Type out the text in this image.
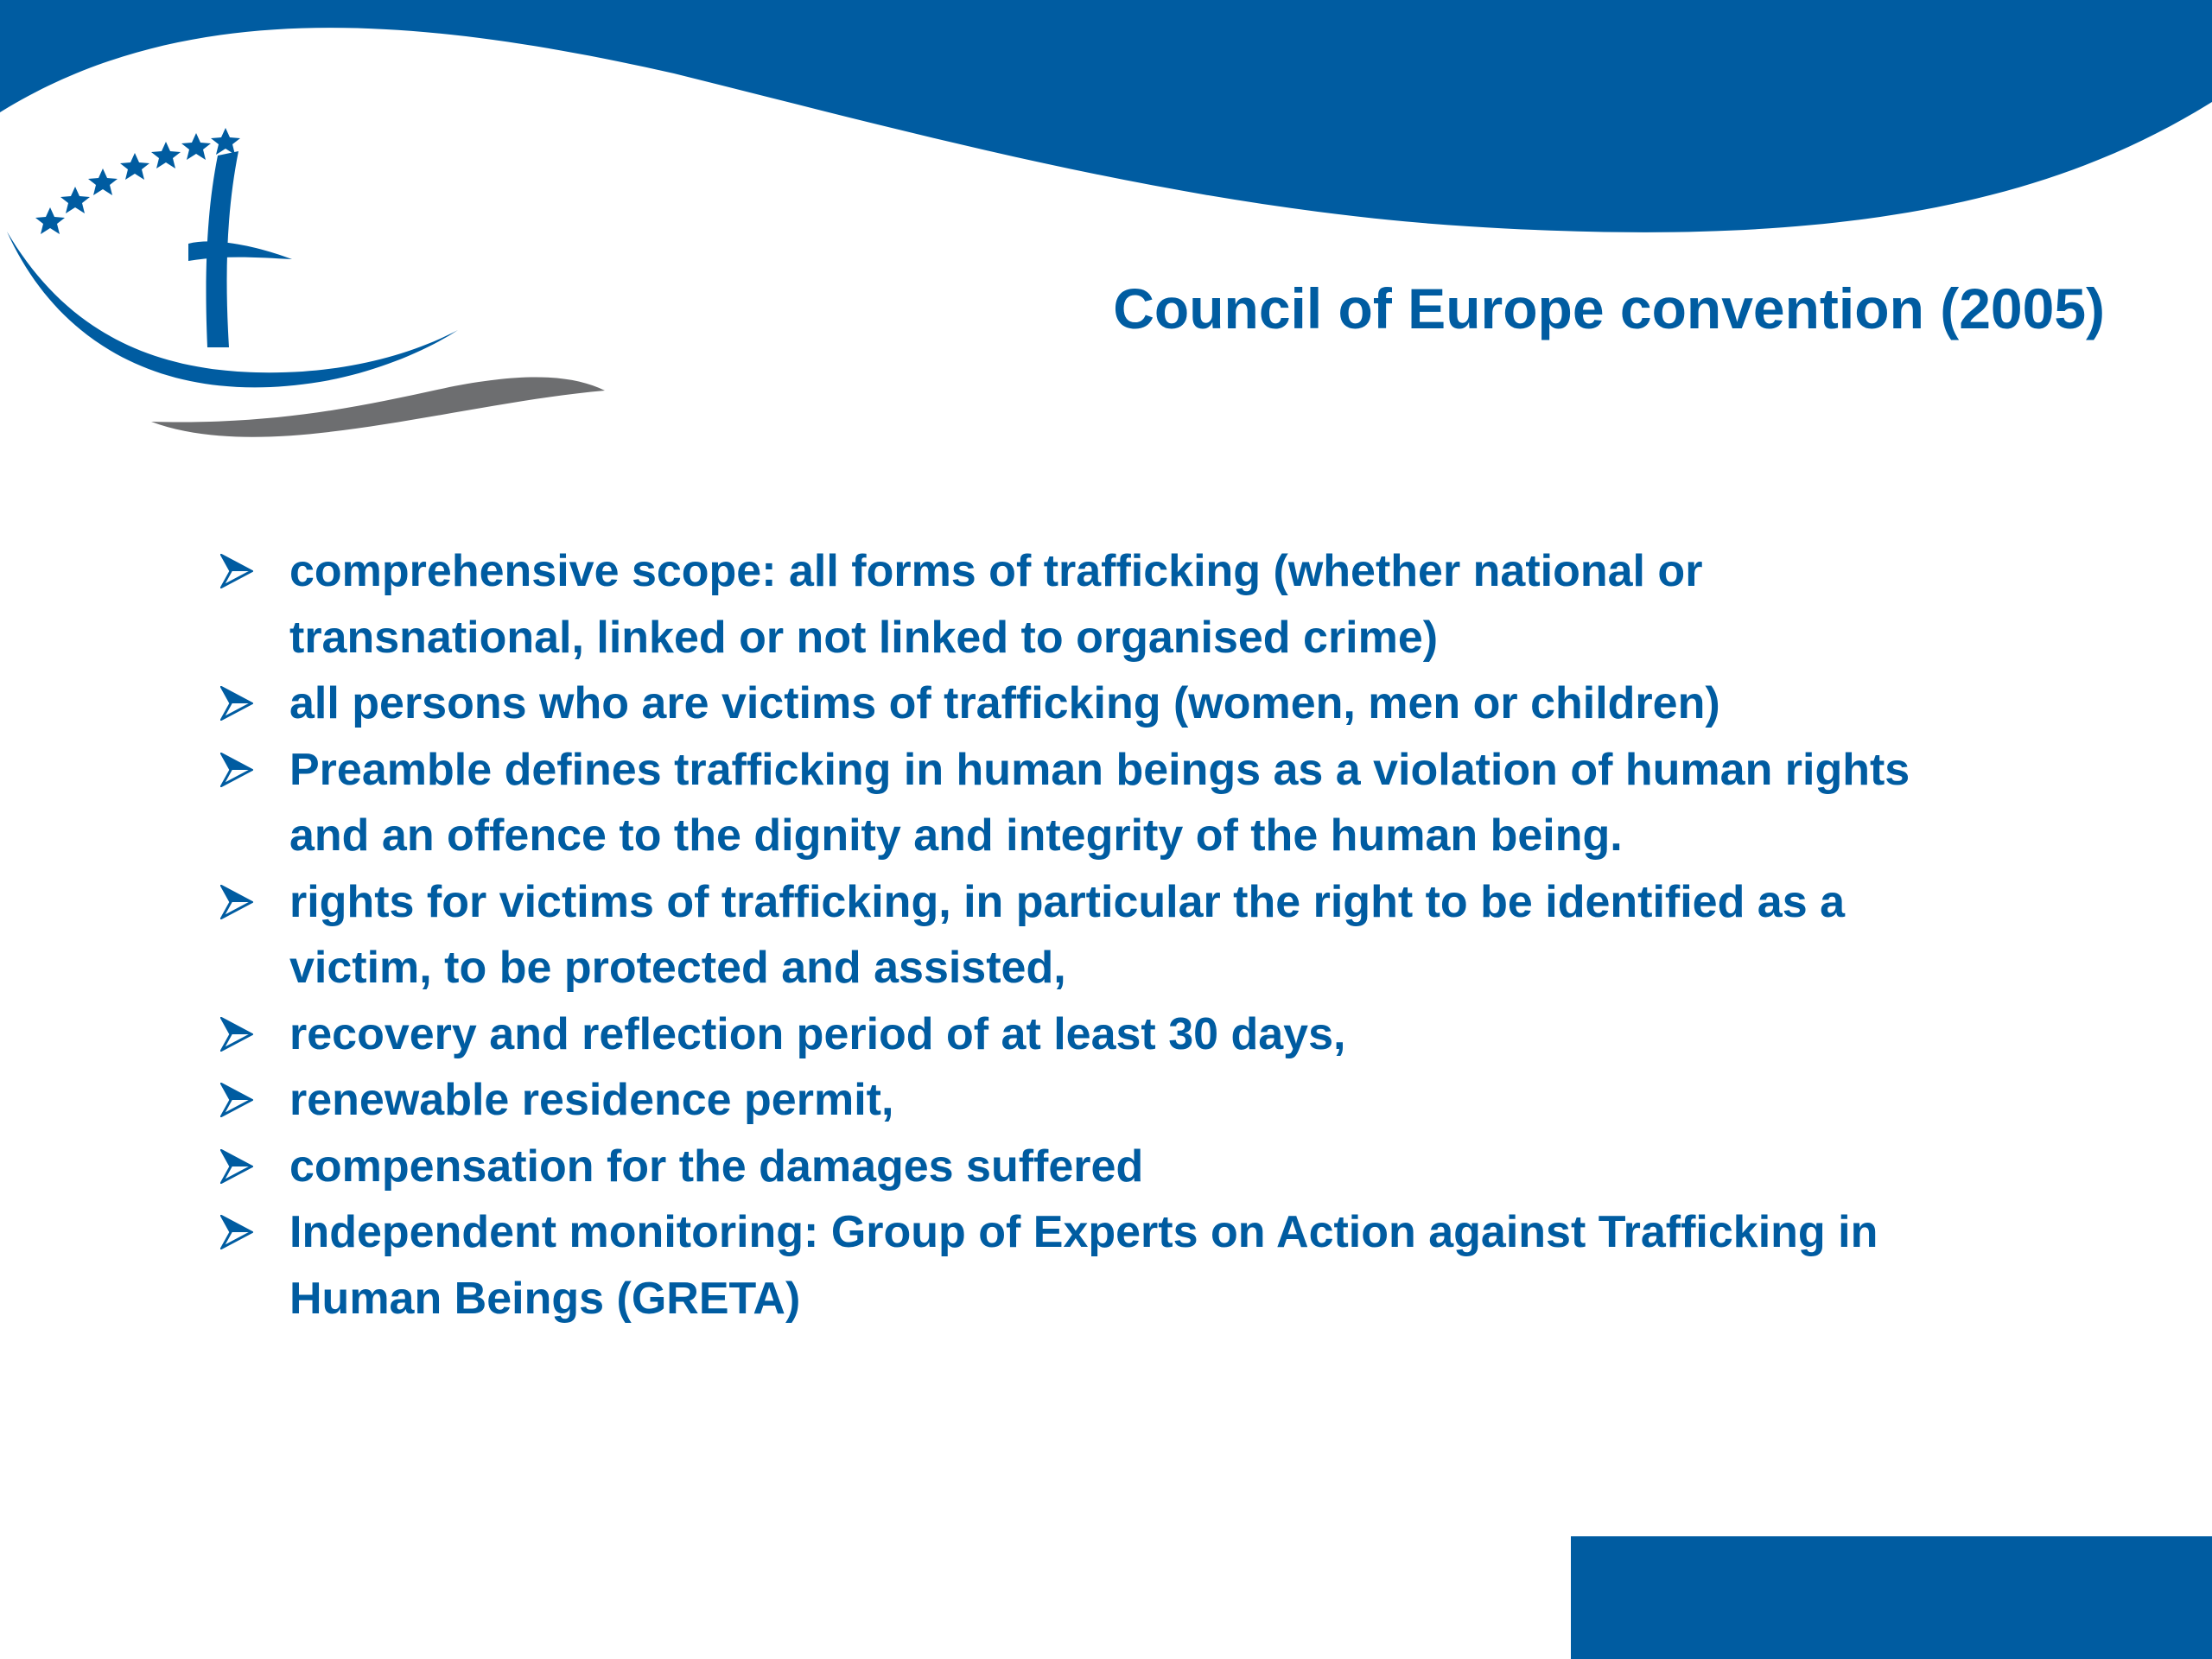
Council of Europe convention (2005)
comprehensive scope: all forms of trafficking (whether national or transnational, linked or not linked to organised crime)
all persons who are victims of trafficking (women, men or children)
Preamble defines trafficking in human beings as a violation of human rights and an offence to the dignity and integrity of the human being.
rights for victims of trafficking, in particular the right to be identified as a victim, to be protected and assisted,
recovery and reflection period of at least 30 days,
renewable residence permit,
compensation for the damages suffered
Independent monitoring: Group of Experts on Action against Trafficking in Human Beings (GRETA)
